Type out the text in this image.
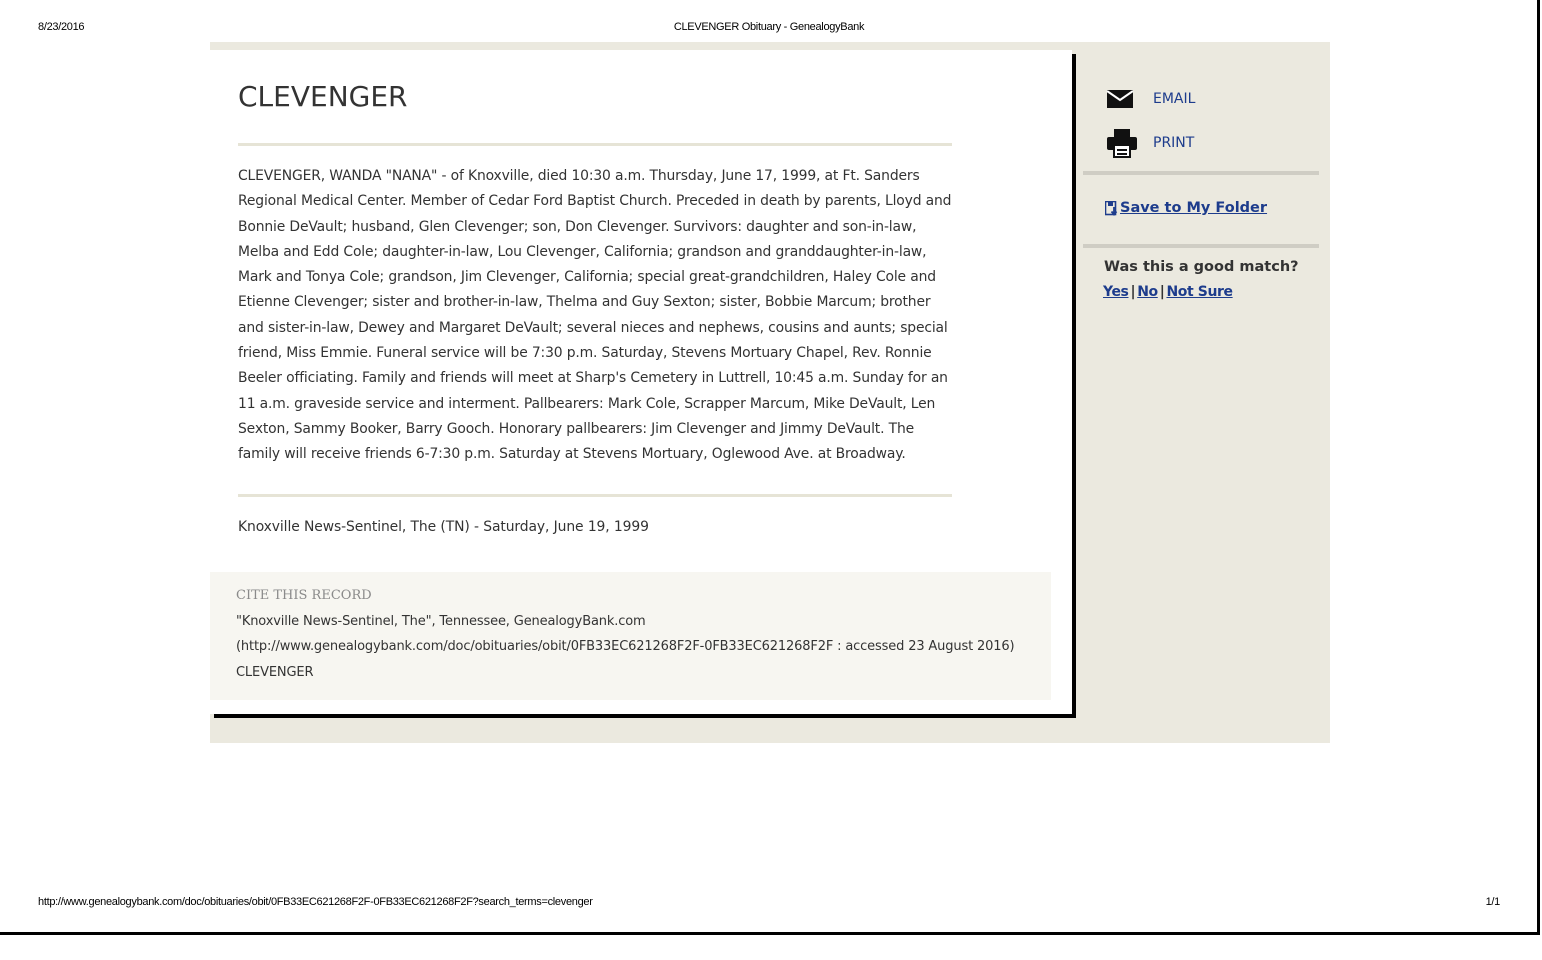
8/23/2016	CLEVENGER Obituary - GenealogyBank
CLEVENGER

CLEVENGER, WANDA "NANA" - of Knoxville, died 10:30 a.m. Thursday, June 17, 1999, at Ft. Sanders Regional Medical Center. Member of Cedar Ford Baptist Church. Preceded in death by parents, Lloyd and Bonnie DeVault; husband, Glen Clevenger; son, Don Clevenger. Survivors: daughter and son-in-law, Melba and Edd Cole; daughter-in-law, Lou Clevenger, California; grandson and granddaughter-in-law, Mark and Tonya Cole; grandson, Jim Clevenger, California; special great-grandchildren, Haley Cole and Etienne Clevenger; sister and brother-in-law, Thelma and Guy Sexton; sister, Bobbie Marcum; brother and sister-in-law, Dewey and Margaret DeVault; several nieces and nephews, cousins and aunts; special friend, Miss Emmie. Funeral service will be 7:30 p.m. Saturday, Stevens Mortuary Chapel, Rev. Ronnie Beeler officiating. Family and friends will meet at Sharp's Cemetery in Luttrell, 10:45 a.m. Sunday for an 11 a.m. graveside service and interment. Pallbearers: Mark Cole, Scrapper Marcum, Mike DeVault, Len Sexton, Sammy Booker, Barry Gooch. Honorary pallbearers: Jim Clevenger and Jimmy DeVault. The family will receive friends 6-7:30 p.m. Saturday at Stevens Mortuary, Oglewood Ave. at Broadway.

Knoxville News-Sentinel, The (TN) - Saturday, June 19, 1999
CITE THIS RECORD
"Knoxville News-Sentinel, The", Tennessee, GenealogyBank.com
(http://www.genealogybank.com/doc/obituaries/obit/0FB33EC621268F2F-0FB33EC621268F2F : accessed 23 August 2016)
CLEVENGER
EMAIL
PRINT
Save to My Folder
Was this a good match?
Yes | No | Not Sure
http://www.genealogybank.com/doc/obituaries/obit/0FB33EC621268F2F-0FB33EC621268F2F?search_terms=clevenger	1/1
